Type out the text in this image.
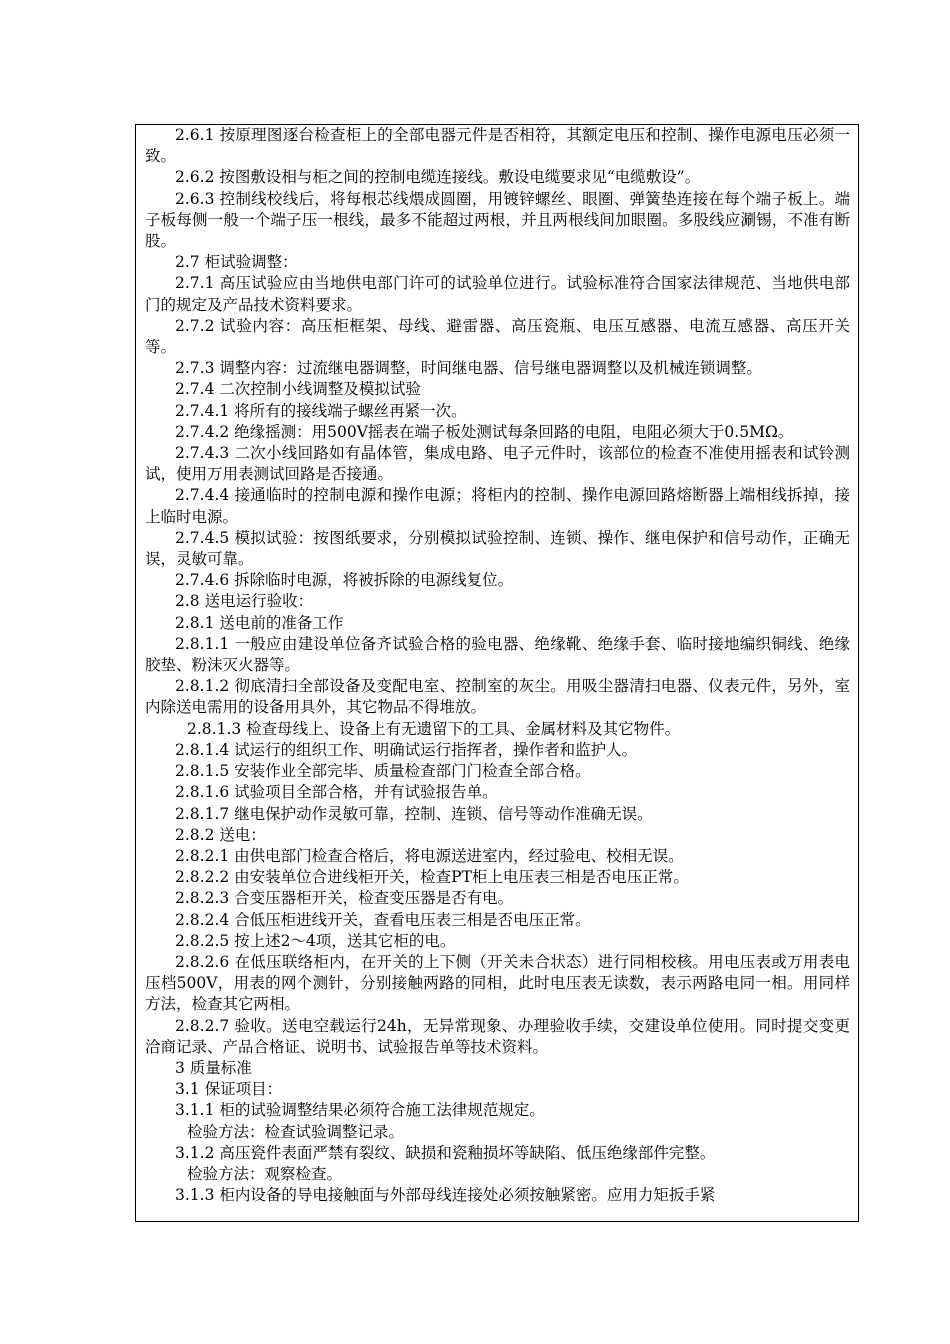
2.6.1 按原理图逐台检查柜上的全部电器元件是否相符，其额定电压和控制、操作电源电压必须一致。

2.6.2 按图敷设相与柜之间的控制电缆连接线。敷设电缆要求见“电缆敷设”。

2.6.3 控制线校线后，将每根芯线煨成圆圈，用镀锌螺丝、眼圈、弹簧垫连接在每个端子板上。端子板每侧一般一个端子压一根线，最多不能超过两根，并且两根线间加眼圈。多股线应涮锡，不准有断股。

2.7 柜试验调整：

2.7.1 高压试验应由当地供电部门许可的试验单位进行。试验标准符合国家法律规范、当地供电部门的规定及产品技术资料要求。

2.7.2 试验内容：高压柜框架、母线、避雷器、高压瓷瓶、电压互感器、电流互感器、高压开关等。

2.7.3 调整内容：过流继电器调整，时间继电器、信号继电器调整以及机械连锁调整。

2.7.4 二次控制小线调整及模拟试验

2.7.4.1 将所有的接线端子螺丝再紧一次。

2.7.4.2 绝缘摇测：用500V摇表在端子板处测试每条回路的电阻，电阻必须大于0.5MΩ。

2.7.4.3 二次小线回路如有晶体管，集成电路、电子元件时，该部位的检查不准使用摇表和试铃测试，使用万用表测试回路是否接通。

2.7.4.4 接通临时的控制电源和操作电源；将柜内的控制、操作电源回路熔断器上端相线拆掉，接上临时电源。

2.7.4.5 模拟试验：按图纸要求，分别模拟试验控制、连锁、操作、继电保护和信号动作，正确无误，灵敏可靠。

2.7.4.6 拆除临时电源，将被拆除的电源线复位。

2.8 送电运行验收：

2.8.1 送电前的准备工作

2.8.1.1 一般应由建设单位备齐试验合格的验电器、绝缘靴、绝缘手套、临时接地编织铜线、绝缘胶垫、粉沫灭火器等。

2.8.1.2 彻底清扫全部设备及变配电室、控制室的灰尘。用吸尘器清扫电器、仪表元件，另外，室内除送电需用的设备用具外，其它物品不得堆放。

2.8.1.3 检查母线上、设备上有无遗留下的工具、金属材料及其它物件。

2.8.1.4 试运行的组织工作、明确试运行指挥者，操作者和监护人。

2.8.1.5 安装作业全部完毕、质量检查部门门检查全部合格。

2.8.1.6 试验项目全部合格，并有试验报告单。

2.8.1.7 继电保护动作灵敏可靠，控制、连锁、信号等动作准确无误。

2.8.2 送电：

2.8.2.1 由供电部门检查合格后，将电源送进室内，经过验电、校相无误。

2.8.2.2 由安装单位合进线柜开关，检查PT柜上电压表三相是否电压正常。

2.8.2.3 合变压器柜开关，检查变压器是否有电。

2.8.2.4 合低压柜进线开关，查看电压表三相是否电压正常。

2.8.2.5 按上述2～4项，送其它柜的电。

2.8.2.6 在低压联络柜内，在开关的上下侧（开关未合状态）进行同相校核。用电压表或万用表电压档500V，用表的网个测针，分别接触两路的同相，此时电压表无读数，表示两路电同一相。用同样方法，检查其它两相。

2.8.2.7 验收。送电空载运行24h，无异常现象、办理验收手续，交建设单位使用。同时提交变更洽商记录、产品合格证、说明书、试验报告单等技术资料。

3 质量标准

3.1 保证项目：

3.1.1 柜的试验调整结果必须符合施工法律规范规定。

检验方法：检查试验调整记录。

3.1.2 高压瓷件表面严禁有裂纹、缺损和瓷釉损坏等缺陷、低压绝缘部件完整。

检验方法：观察检查。

3.1.3 柜内设备的导电接触面与外部母线连接处必须按触紧密。应用力矩扳手紧
